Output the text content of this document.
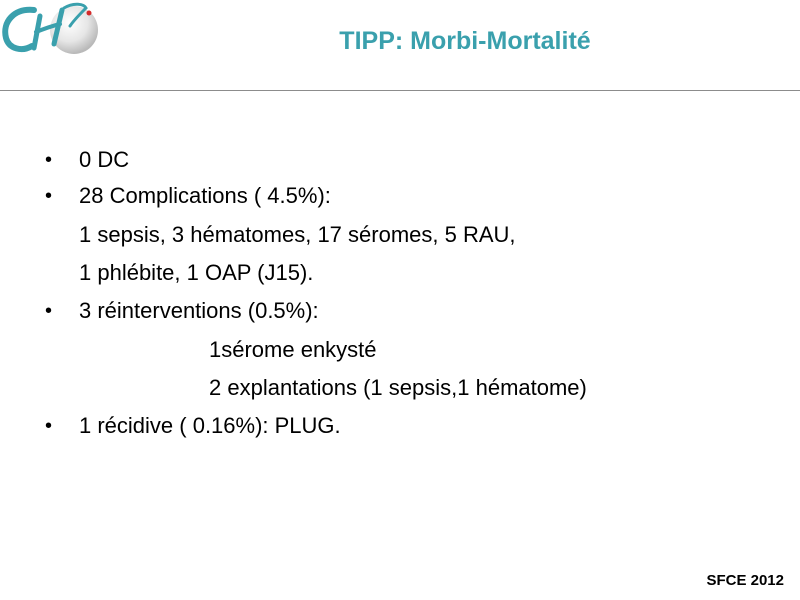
TIPP: Morbi-Mortalité
• 0 DC
• 28 Complications ( 4.5%):
1 sepsis, 3 hématomes, 17 séromes, 5 RAU,
1 phlébite, 1 OAP (J15).
• 3 réinterventions (0.5%):
1sérome enkysté
2 explantations (1 sepsis,1 hématome)
• 1 récidive ( 0.16%): PLUG.
SFCE 2012
